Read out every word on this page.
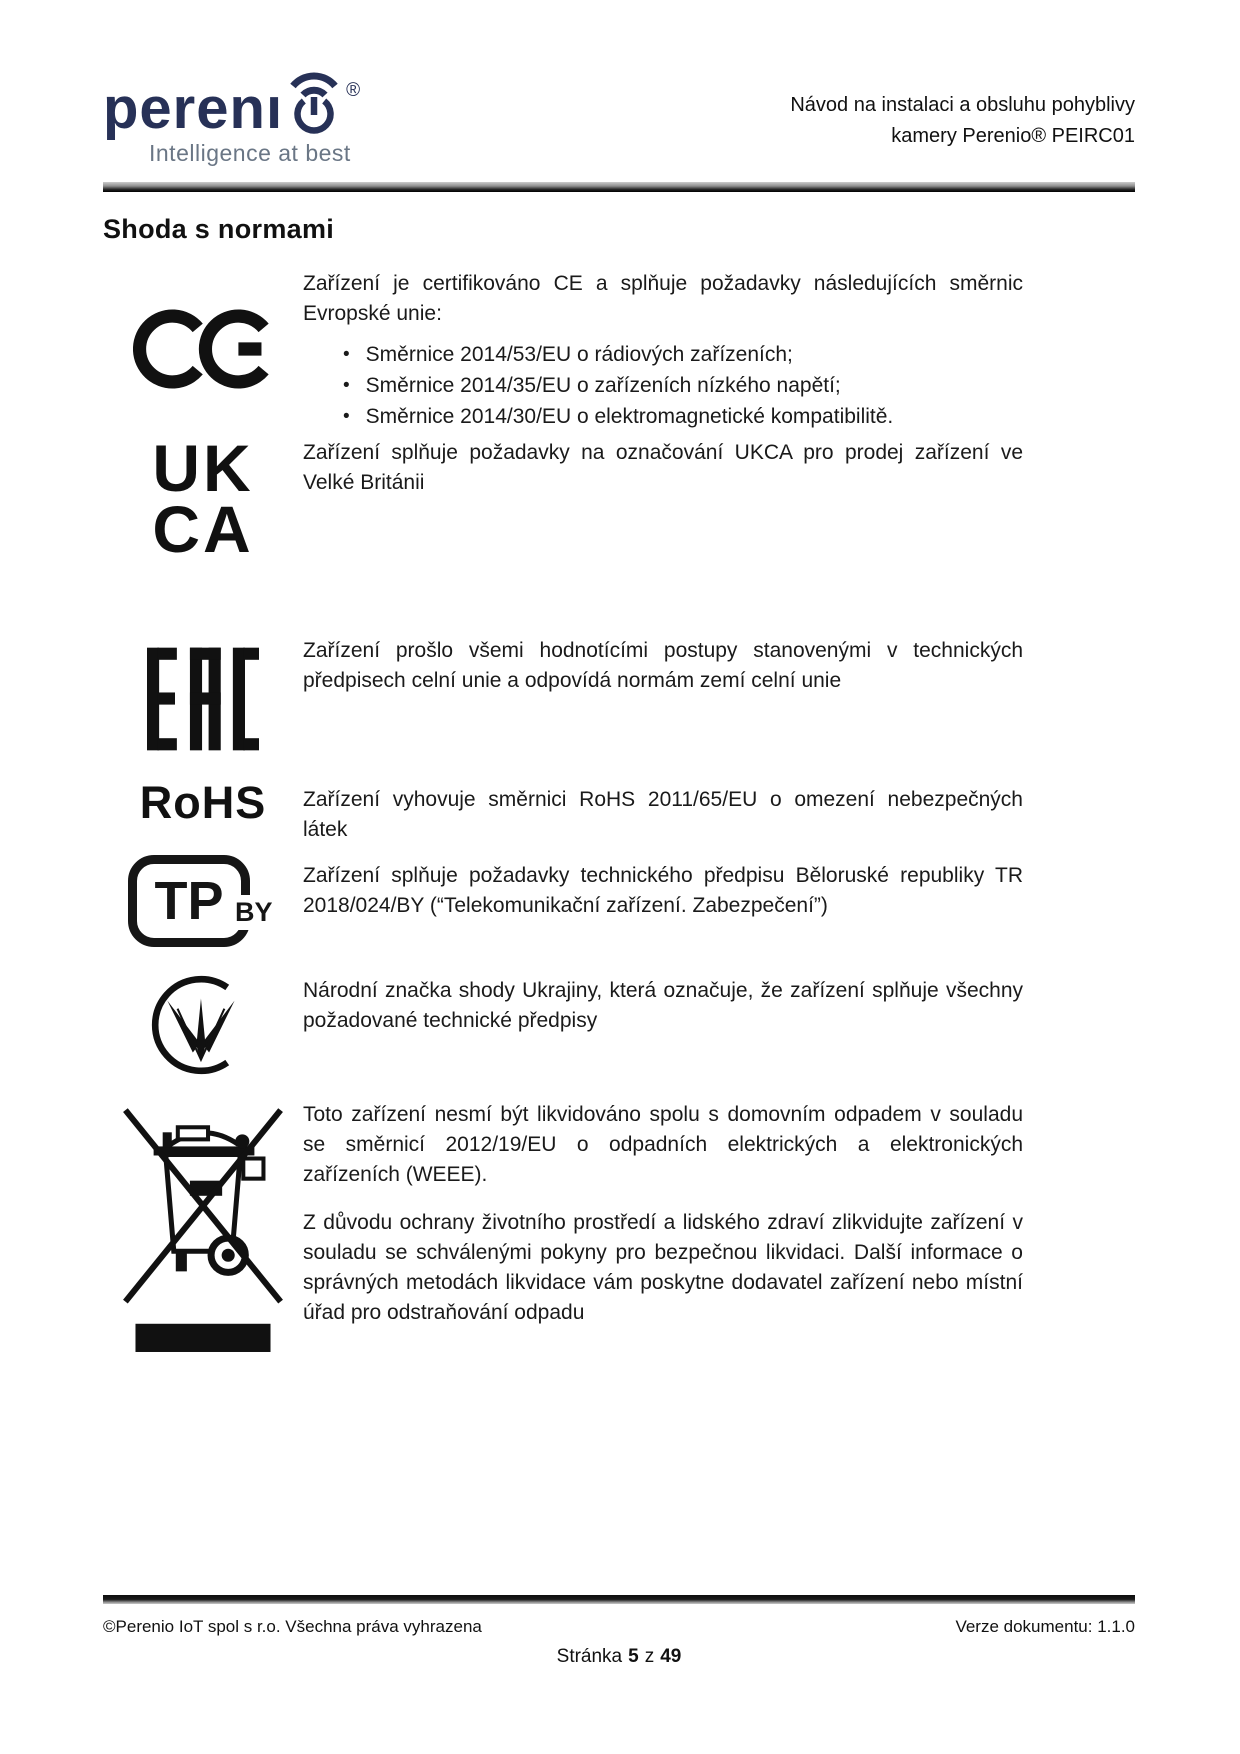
perenı	®
Intelligence at best
Návod na instalaci a obsluhu pohyblivy
kamery Perenio® PEIRC01
Shoda s normami

Zařízení je certifikováno CE a splňuje požadavky následujících směrnic Evropské unie:

• Směrnice 2014/53/EU o rádiových zařízeních;
• Směrnice 2014/35/EU o zařízeních nízkého napětí;
• Směrnice 2014/30/EU o elektromagnetické kompatibilitě.
UK
CA

Zařízení splňuje požadavky na označování UKCA pro prodej zařízení ve Velké Británii

Zařízení prošlo všemi hodnotícími postupy stanovenými v technických předpisech celní unie a odpovídá normám zemí celní unie

RoHS Zařízení vyhovuje směrnici RoHS 2011/65/EU o omezení nebezpečných látek

TP BY

Zařízení splňuje požadavky technického předpisu Běloruské republiky TR 2018/024/BY (“Telekomunikační zařízení. Zabezpečení”)

Národní značka shody Ukrajiny, která označuje, že zařízení splňuje všechny požadované technické předpisy

Toto zařízení nesmí být likvidováno spolu s domovním odpadem v souladu se směrnicí 2012/19/EU o odpadních elektrických a elektronických zařízeních (WEEE).

Z důvodu ochrany životního prostředí a lidského zdraví zlikvidujte zařízení v souladu se schválenými pokyny pro bezpečnou likvidaci. Další informace o správných metodách likvidace vám poskytne dodavatel zařízení nebo místní úřad pro odstraňování odpadu

©Perenio IoT spol s r.o. Všechna práva vyhrazena	Verze dokumentu: 1.1.0
Stránka 5 z 49
